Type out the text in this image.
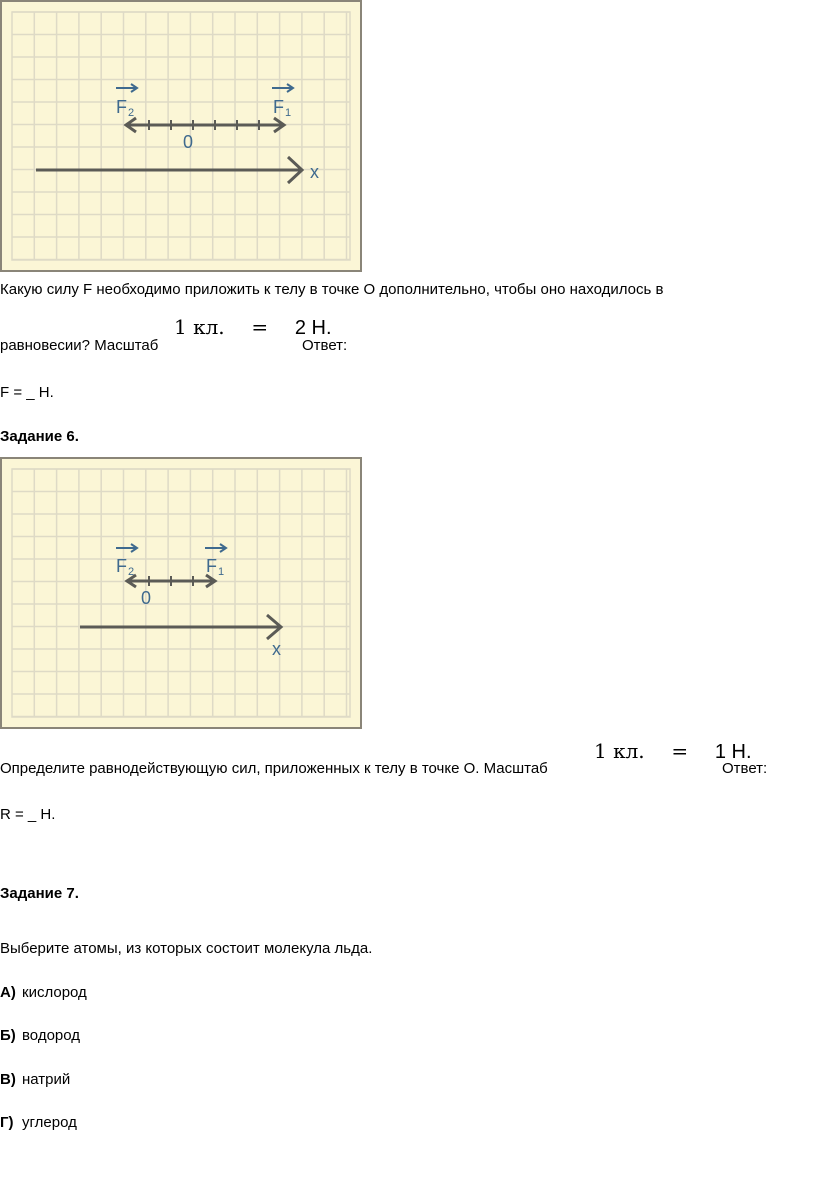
x
0
F 2	F 1
Какую силу F необходимо приложить к телу в точке O дополнительно, чтобы оно находилось в
равновесии? Масштаб
1 кл. = 2 Н.
Ответ:
F = _ Н.
Задание 6.
x
0
F 2	F 1
Определите равнодействующую сил, приложенных к телу в точке О. Масштаб
1 кл. = 1 Н.
Ответ:
R = _ Н.
Задание 7.
Выберите атомы, из которых состоит молекула льда.
А) кислород
Б) водород
В) натрий
Г) углерод
